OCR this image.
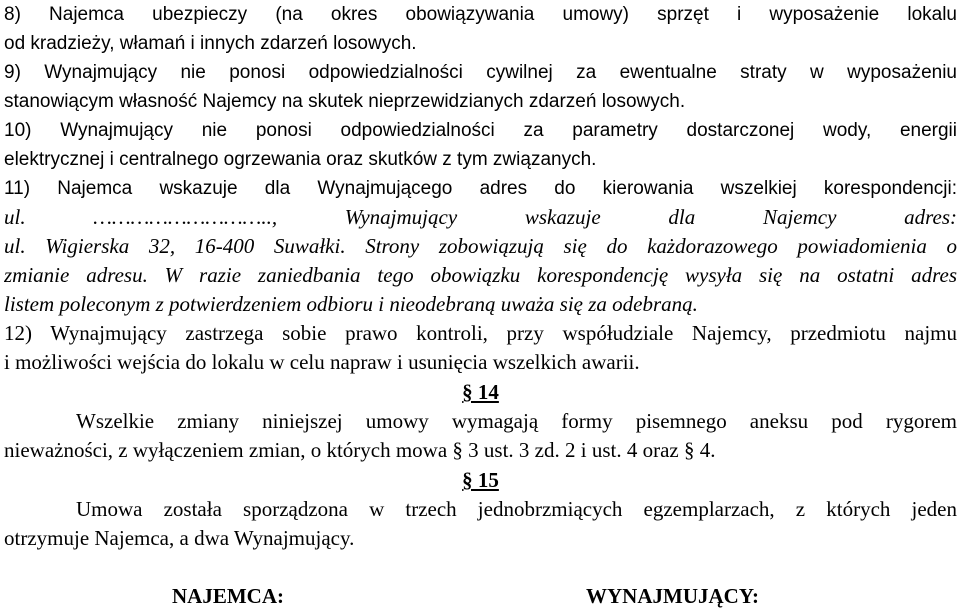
8) Najemca ubezpieczy (na okres obowiązywania umowy) sprzęt i wyposażenie lokalu
od kradzieży, włamań i innych zdarzeń losowych.
9) Wynajmujący nie ponosi odpowiedzialności cywilnej za ewentualne straty w wyposażeniu
stanowiącym własność Najemcy na skutek nieprzewidzianych zdarzeń losowych.
10) Wynajmujący nie ponosi odpowiedzialności za parametry dostarczonej wody, energii
elektrycznej i centralnego ogrzewania oraz skutków z tym związanych.
11) Najemca wskazuje dla Wynajmującego adres do kierowania wszelkiej korespondencji:
ul. ……………………….., Wynajmujący wskazuje dla Najemcy adres:
ul. Wigierska 32, 16-400 Suwałki. Strony zobowiązują się do każdorazowego powiadomienia o
zmianie adresu. W razie zaniedbania tego obowiązku korespondencję wysyła się na ostatni adres
listem poleconym z potwierdzeniem odbioru i nieodebraną uważa się za odebraną.
12) Wynajmujący zastrzega sobie prawo kontroli, przy współudziale Najemcy, przedmiotu najmu
i możliwości wejścia do lokalu w celu napraw i usunięcia wszelkich awarii.
§ 14
Wszelkie zmiany niniejszej umowy wymagają formy pisemnego aneksu pod rygorem
nieważności, z wyłączeniem zmian, o których mowa § 3 ust. 3 zd. 2 i ust. 4 oraz § 4.
§ 15
Umowa została sporządzona w trzech jednobrzmiących egzemplarzach, z których jeden
otrzymuje Najemca, a dwa Wynajmujący.
NAJEMCA:	WYNAJMUJĄCY:
